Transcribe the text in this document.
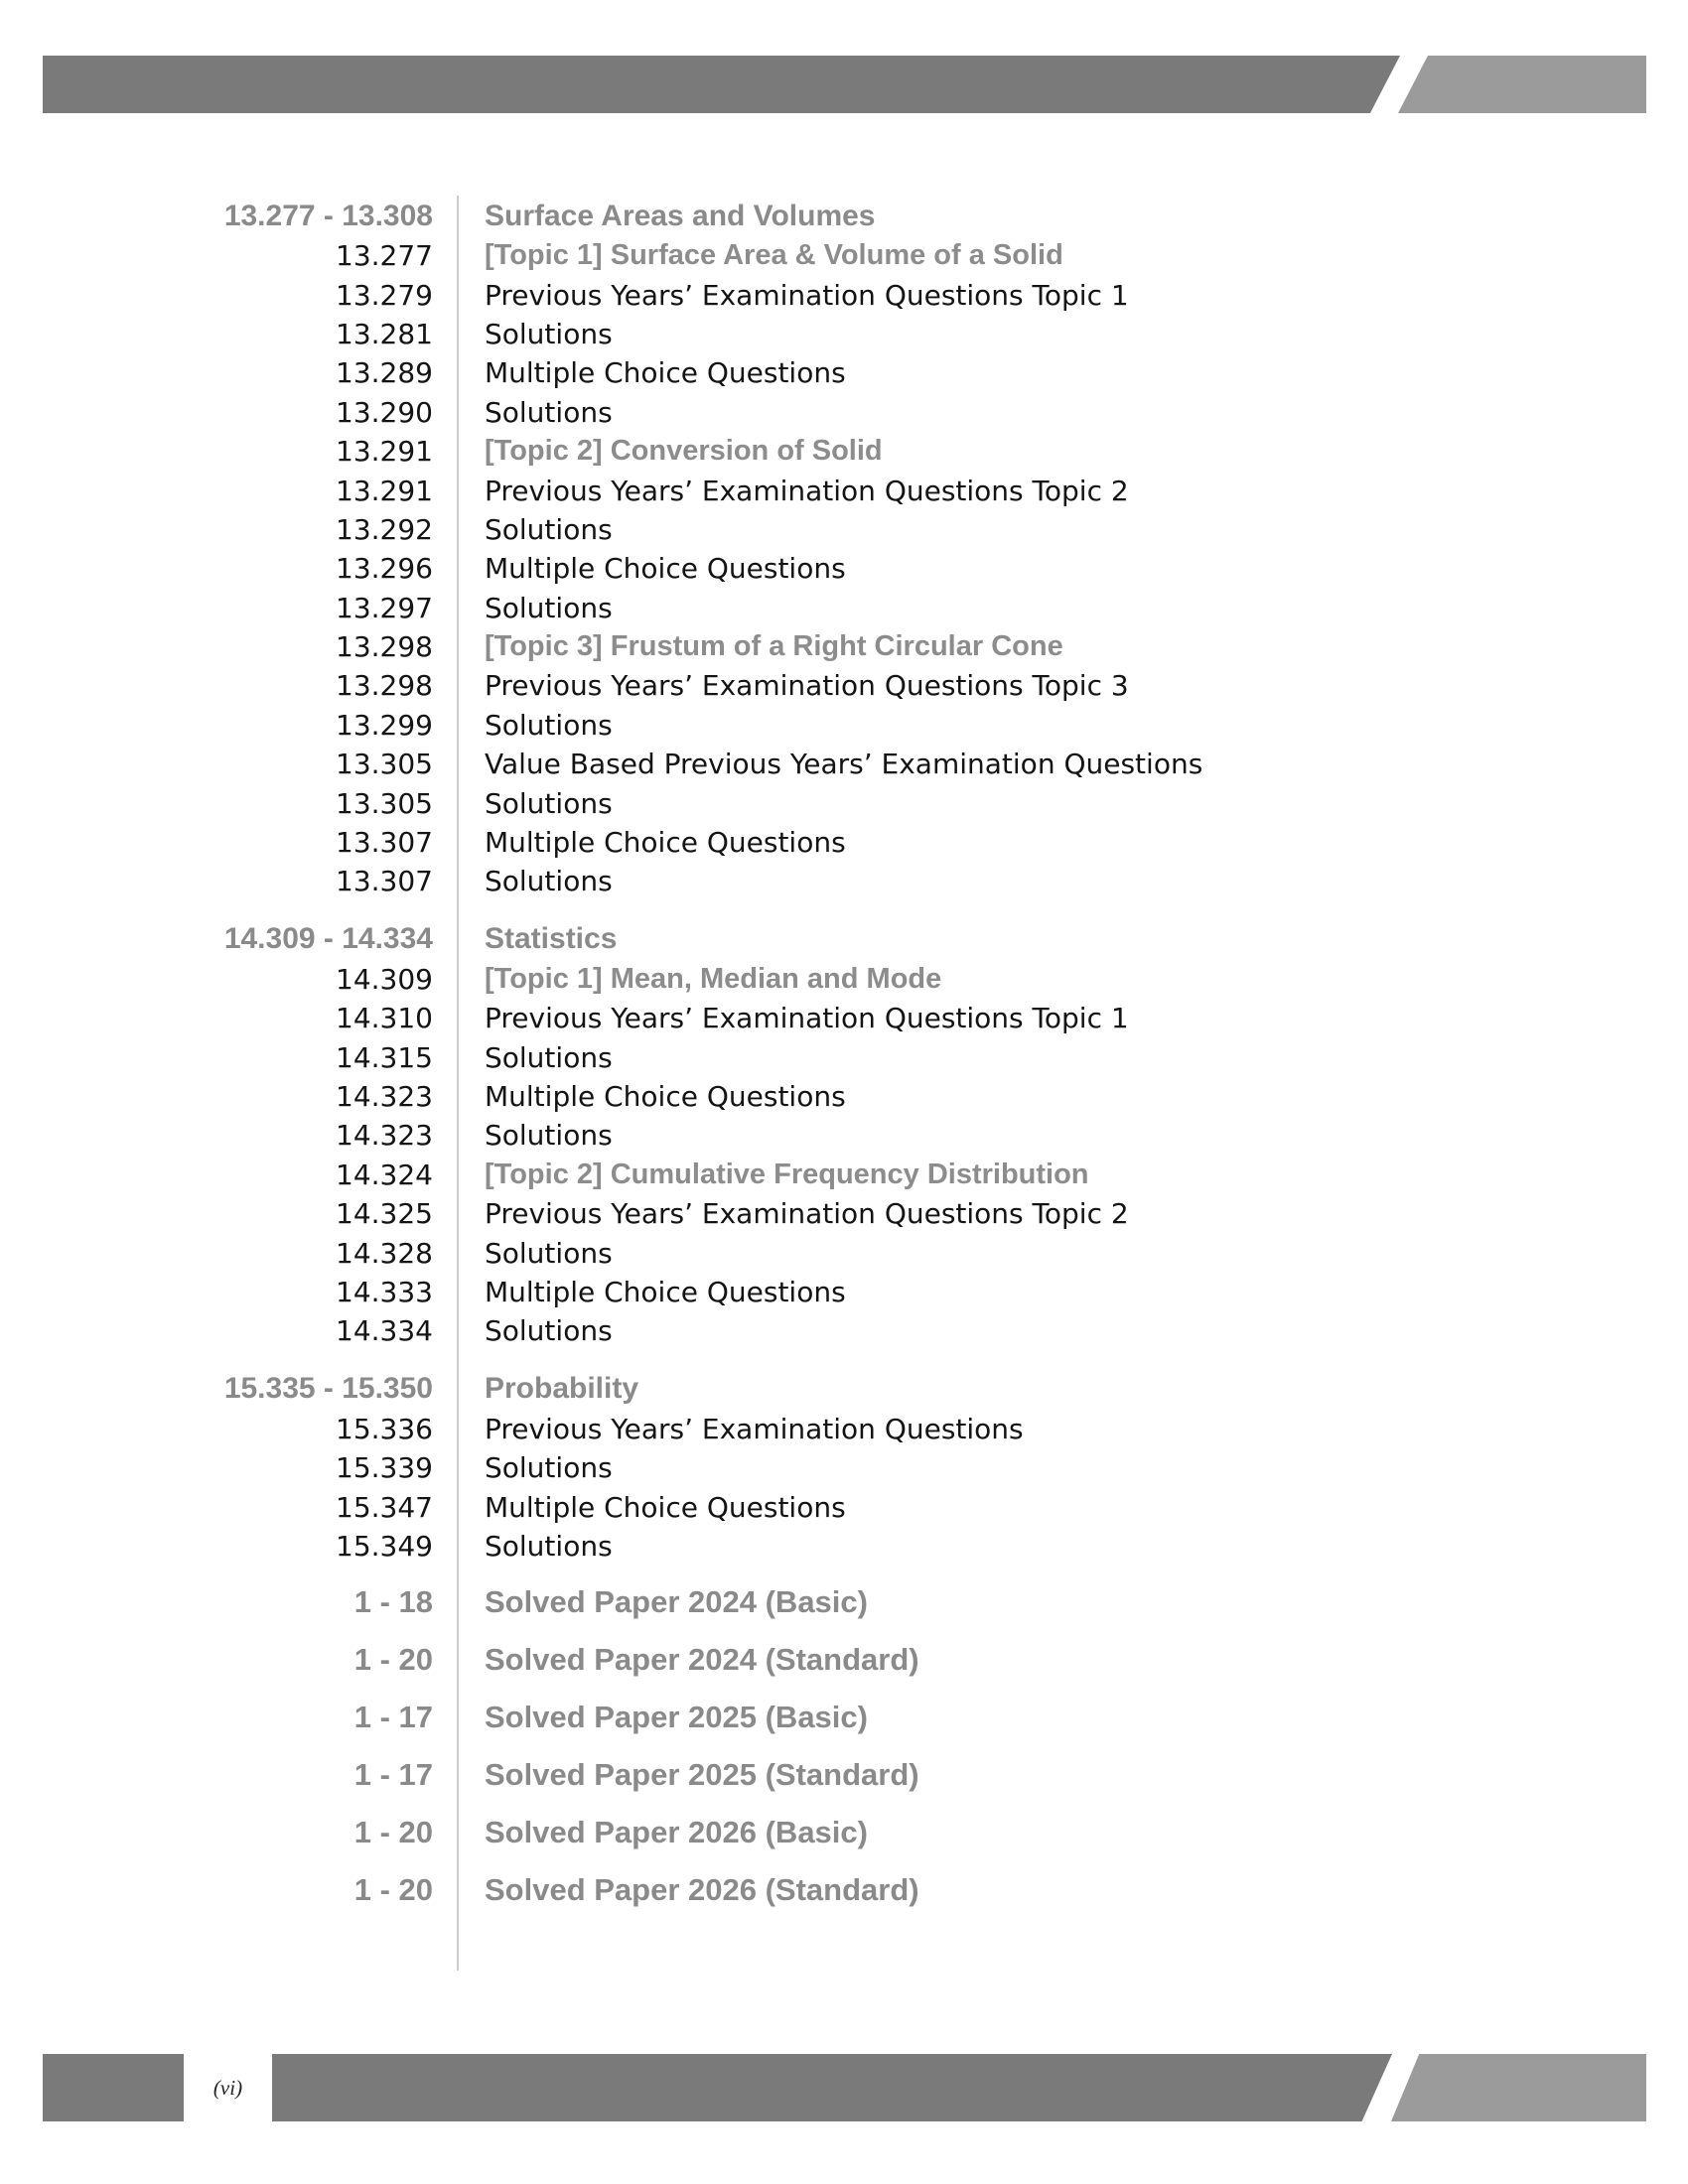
13.277 - 13.308 Surface Areas and Volumes
13.277 [Topic 1] Surface Area & Volume of a Solid
13.279 Previous Years’ Examination Questions Topic 1
13.281 Solutions
13.289 Multiple Choice Questions
13.290 Solutions
13.291 [Topic 2] Conversion of Solid
13.291 Previous Years’ Examination Questions Topic 2
13.292 Solutions
13.296 Multiple Choice Questions
13.297 Solutions
13.298 [Topic 3] Frustum of a Right Circular Cone
13.298 Previous Years’ Examination Questions Topic 3
13.299 Solutions
13.305 Value Based Previous Years’ Examination Questions
13.305 Solutions
13.307 Multiple Choice Questions
13.307 Solutions
14.309 - 14.334 Statistics
14.309 [Topic 1] Mean, Median and Mode
14.310 Previous Years’ Examination Questions Topic 1
14.315 Solutions
14.323 Multiple Choice Questions
14.323 Solutions
14.324 [Topic 2] Cumulative Frequency Distribution
14.325 Previous Years’ Examination Questions Topic 2
14.328 Solutions
14.333 Multiple Choice Questions
14.334 Solutions
15.335 - 15.350 Probability
15.336 Previous Years’ Examination Questions
15.339 Solutions
15.347 Multiple Choice Questions
15.349 Solutions
1 - 18 Solved Paper 2024 (Basic)
1 - 20 Solved Paper 2024 (Standard)
1 - 17 Solved Paper 2025 (Basic)
1 - 17 Solved Paper 2025 (Standard)
1 - 20 Solved Paper 2026 (Basic)
1 - 20 Solved Paper 2026 (Standard)
(vi)
